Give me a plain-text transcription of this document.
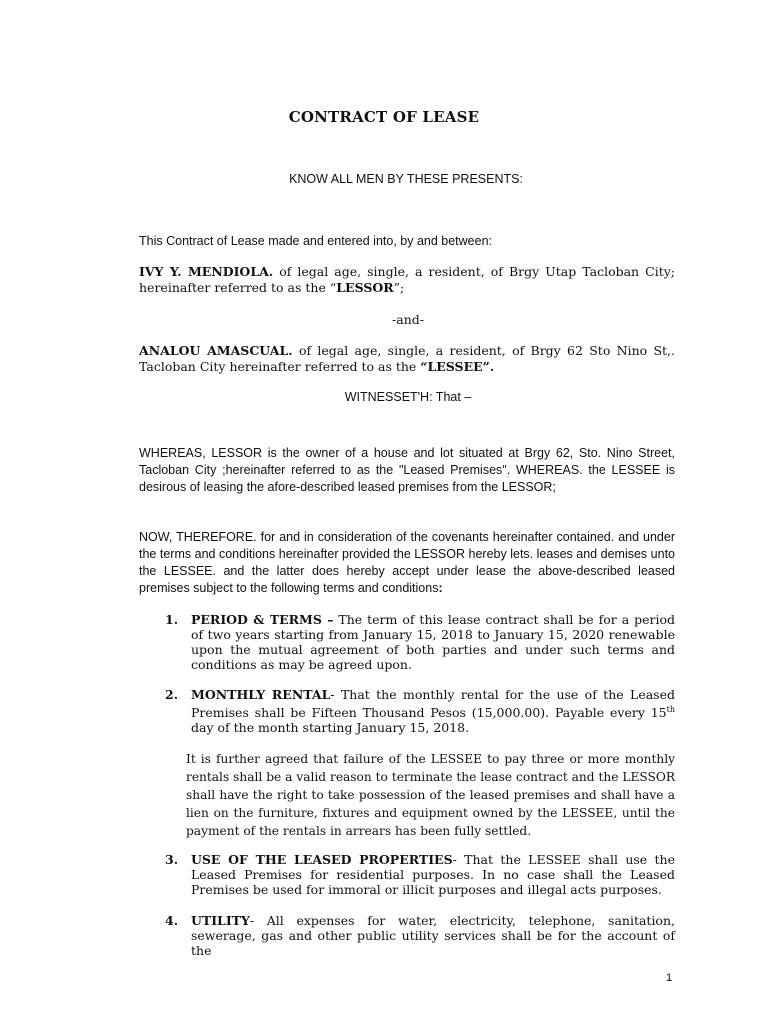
CONTRACT OF LEASE
KNOW ALL MEN BY THESE PRESENTS:
This Contract of Lease made and entered into, by and between:
IVY Y. MENDIOLA. of legal age, single, a resident, of Brgy Utap Tacloban City; hereinafter referred to as the “LESSOR”;
-and-
ANALOU AMASCUAL. of legal age, single, a resident, of Brgy 62 Sto Nino St,. Tacloban City hereinafter referred to as the “LESSEE”.
WITNESSET'H: That –
WHEREAS, LESSOR is the owner of a house and lot situated at Brgy 62, Sto. Nino Street, Tacloban City ;hereinafter referred to as the "Leased Premises". WHEREAS. the LESSEE is desirous of leasing the afore-described leased premises from the LESSOR;
NOW, THEREFORE. for and in consideration of the covenants hereinafter contained. and under the terms and conditions hereinafter provided the LESSOR hereby lets. leases and demises unto the LESSEE. and the latter does hereby accept under lease the above-described leased premises subject to the following terms and conditions:
1. PERIOD & TERMS – The term of this lease contract shall be for a period of two years starting from January 15, 2018 to January 15, 2020 renewable upon the mutual agreement of both parties and under such terms and conditions as may be agreed upon.
2. MONTHLY RENTAL- That the monthly rental for the use of the Leased Premises shall be Fifteen Thousand Pesos (15,000.00). Payable every 15th day of the month starting January 15, 2018.
It is further agreed that failure of the LESSEE to pay three or more monthly rentals shall be a valid reason to terminate the lease contract and the LESSOR shall have the right to take possession of the leased premises and shall have a lien on the furniture, fixtures and equipment owned by the LESSEE, until the payment of the rentals in arrears has been fully settled.
3. USE OF THE LEASED PROPERTIES- That the LESSEE shall use the Leased Premises for residential purposes. In no case shall the Leased Premises be used for immoral or illicit purposes and illegal acts purposes.
4. UTILITY- All expenses for water, electricity, telephone, sanitation, sewerage, gas and other public utility services shall be for the account of the
1
